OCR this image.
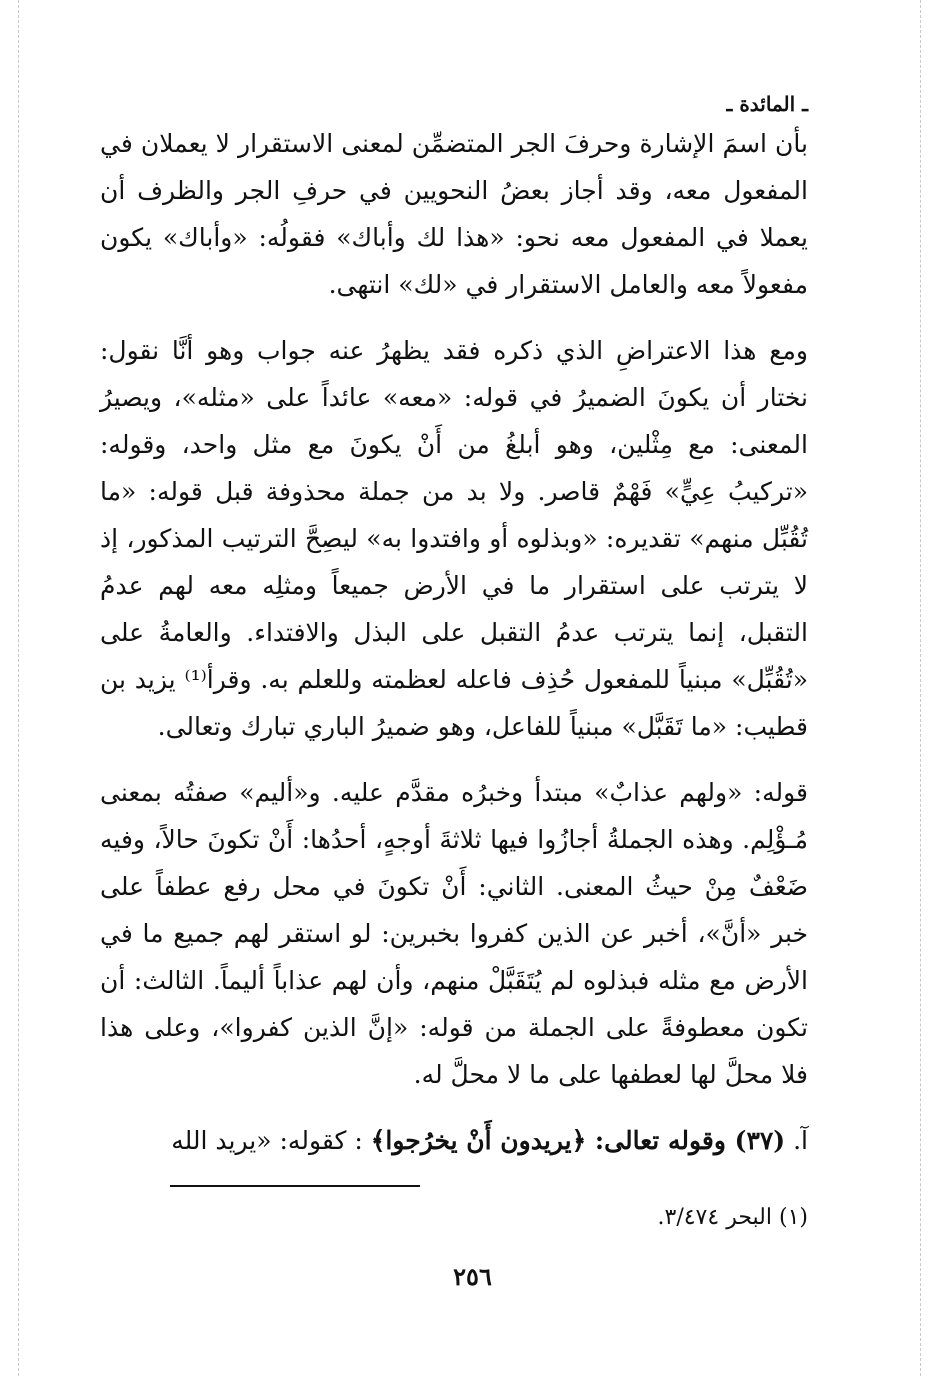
ـ المائدة ـ

بأن اسمَ الإشارة وحرفَ الجر المتضمِّن لمعنى الاستقرار لا يعملان في المفعول معه، وقد أجاز بعضُ النحويين في حرفِ الجر والظرف أن يعملا في المفعول معه نحو: «هذا لك وأباك» فقولُه: «وأباك» يكون مفعولاً معه والعامل الاستقرار في «لك» انتهى.

ومع هذا الاعتراضِ الذي ذكره فقد يظهرُ عنه جواب وهو أنَّا نقول: نختار أن يكونَ الضميرُ في قوله: «معه» عائداً على «مثله»، ويصيرُ المعنى: مع مِثْلين، وهو أبلغُ من أَنْ يكونَ مع مثل واحد، وقوله: «تركيبُ عِيٍّ» فَهْمٌ قاصر. ولا بد من جملة محذوفة قبل قوله: «ما تُقُبِّل منهم» تقديره: «وبذلوه أو وافتدوا به» ليصِحَّ الترتيب المذكور، إذ لا يترتب على استقرار ما في الأرض جميعاً ومثلِه معه لهم عدمُ التقبل، إنما يترتب عدمُ التقبل على البذل والافتداء. والعامةُ على «تُقُبِّل» مبنياً للمفعول حُذِف فاعله لعظمته وللعلم به. وقرأ⁽¹⁾ يزيد بن قطيب: «ما تَقَبَّل» مبنياً للفاعل، وهو ضميرُ الباري تبارك وتعالى.

قوله: «ولهم عذابٌ» مبتدأ وخبرُه مقدَّم عليه. و«أليم» صفتُه بمعنى مُـؤْلِم. وهذه الجملةُ أجازُوا فيها ثلاثةَ أوجهٍ، أحدُها: أَنْ تكونَ حالاً، وفيه ضَعْفٌ مِنْ حيثُ المعنى. الثاني: أَنْ تكونَ في محل رفع عطفاً على خبر «أنَّ»، أخبر عن الذين كفروا بخبرين: لو استقر لهم جميع ما في الأرض مع مثله فبذلوه لم يُتَقَبَّلْ منهم، وأن لهم عذاباً أليماً. الثالث: أن تكون معطوفةً على الجملة من قوله: «إنَّ الذين كفروا»، وعلى هذا فلا محلَّ لها لعطفها على ما لا محلَّ له.

آ. (٣٧) وقوله تعالى: ﴿يريدون أَنْ يخرُجوا﴾ : كقوله: «يريد الله

(١) البحر ٣/٤٧٤.
٢٥٦
